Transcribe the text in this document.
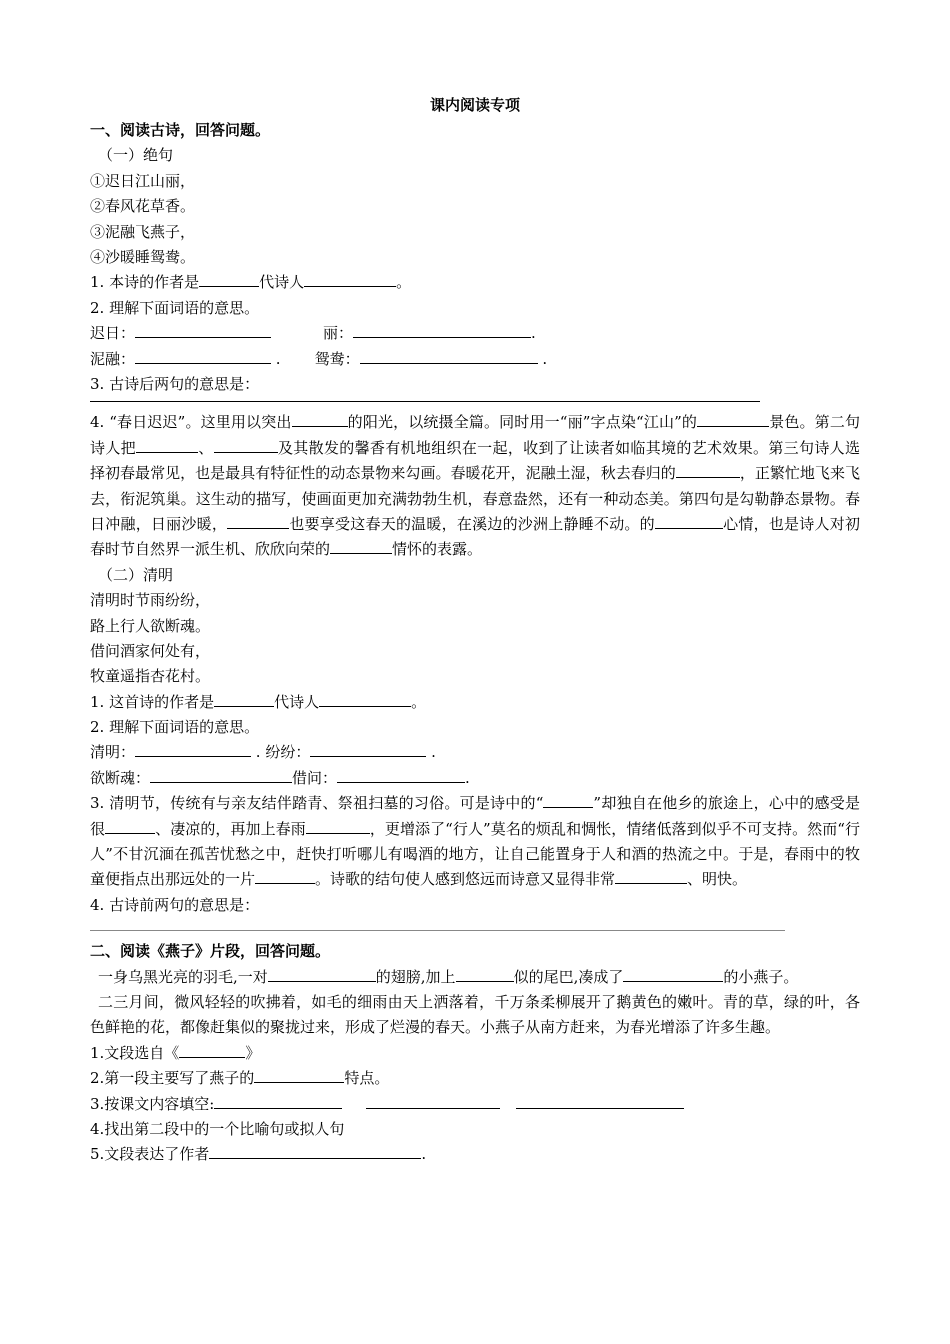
课内阅读专项

一、阅读古诗，回答问题。

（一）绝句

①迟日江山丽，

②春风花草香。

③泥融飞燕子，

④沙暖睡鸳鸯。

1. 本诗的作者是	代诗人	。

2. 理解下面词语的意思。

迟日：	丽：	.

泥融：	. 鸳鸯：	.

3. 古诗后两句的意思是：

4. “春日迟迟”。这里用以突出	的阳光，以统摄全篇。同时用一“丽”字点染“江山”的	景色。第二句诗人把	、	及其散发的馨香有机地组织在一起，收到了让读者如临其境的艺术效果。第三句诗人选择初春最常见，也是最具有特征性的动态景物来勾画。春暖花开，泥融土湿，秋去春归的	，正繁忙地飞来飞去，衔泥筑巢。这生动的描写，使画面更加充满勃勃生机，春意盎然，还有一种动态美。第四句是勾勒静态景物。春日冲融，日丽沙暖，	也要享受这春天的温暖，在溪边的沙洲上静睡不动。的	心情，也是诗人对初春时节自然界一派生机、欣欣向荣的	情怀的表露。

（二）清明

清明时节雨纷纷，

路上行人欲断魂。

借问酒家何处有，

牧童遥指杏花村。

1. 这首诗的作者是	代诗人	。

2. 理解下面词语的意思。

清明：	. 纷纷：	.

欲断魂：	借问：	.

3. 清明节，传统有与亲友结伴踏青、祭祖扫墓的习俗。可是诗中的“	”却独自在他乡的旅途上，心中的感受是很	、凄凉的，再加上春雨	，更增添了“行人”莫名的烦乱和惆怅，情绪低落到似乎不可支持。然而“行人”不甘沉湎在孤苦忧愁之中，赶快打听哪儿有喝酒的地方，让自己能置身于人和酒的热流之中。于是，春雨中的牧童便指点出那远处的一片	。诗歌的结句使人感到悠远而诗意又显得非常	、明快。

4. 古诗前两句的意思是：

二、阅读《燕子》片段，回答问题。

一身乌黑光亮的羽毛,一对	的翅膀,加上	似的尾巴,凑成了	的小燕子。

二三月间，微风轻轻的吹拂着，如毛的细雨由天上洒落着，千万条柔柳展开了鹅黄色的嫩叶。青的草，绿的叶，各色鲜艳的花，都像赶集似的聚拢过来，形成了烂漫的春天。小燕子从南方赶来，为春光增添了许多生趣。

1.文段选自《	》

2.第一段主要写了燕子的	特点。

3.按课文内容填空:

4.找出第二段中的一个比喻句或拟人句

5.文段表达了作者	.
